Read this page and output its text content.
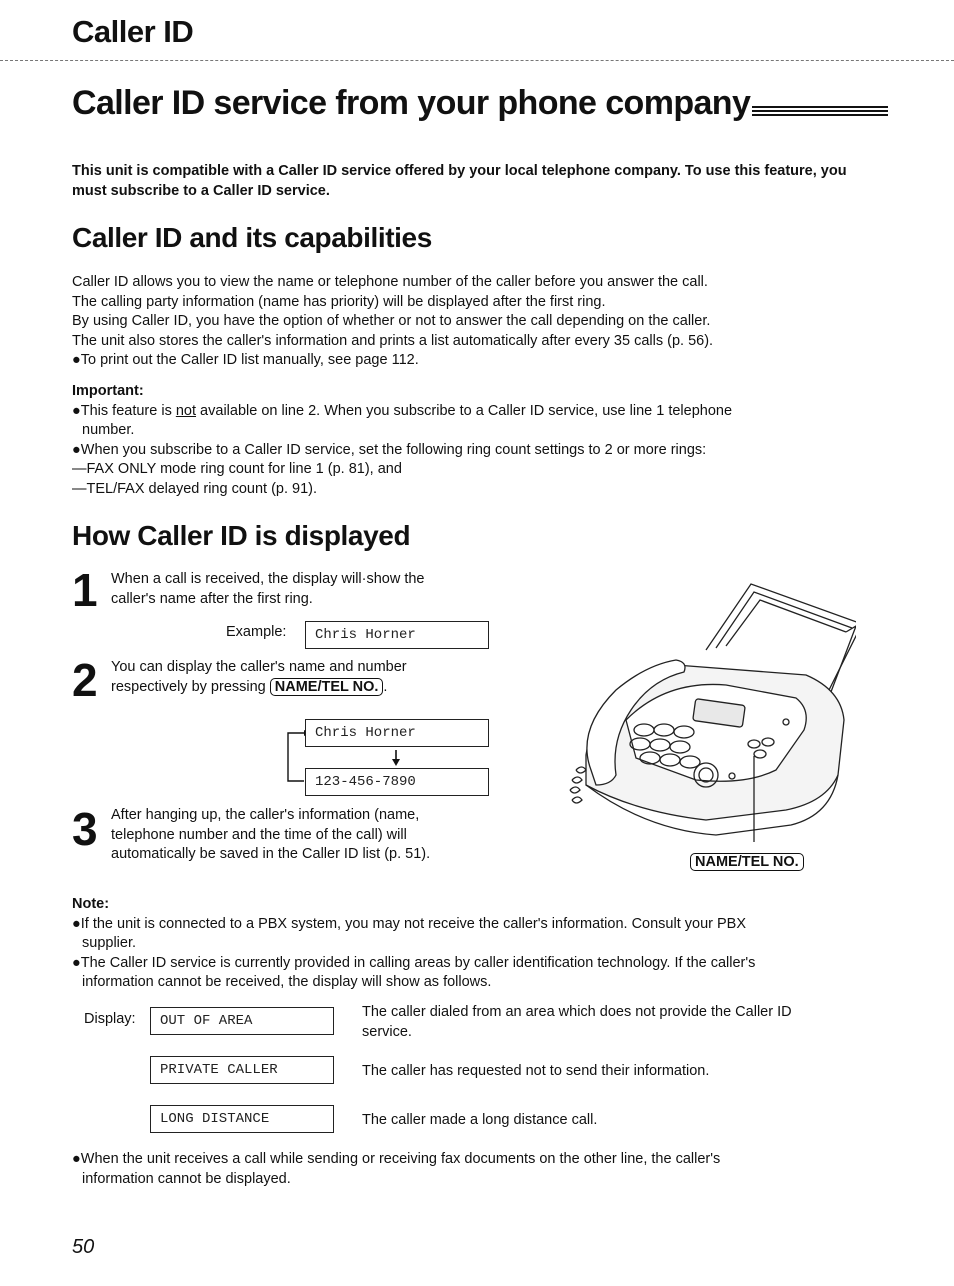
Caller ID
Caller ID service from your phone company
This unit is compatible with a Caller ID service offered by your local telephone company. To use this feature, you must subscribe to a Caller ID service.
Caller ID and its capabilities

Caller ID allows you to view the name or telephone number of the caller before you answer the call.

The calling party information (name has priority) will be displayed after the first ring.

By using Caller ID, you have the option of whether or not to answer the call depending on the caller.

The unit also stores the caller's information and prints a list automatically after every 35 calls (p. 56).

●To print out the Caller ID list manually, see page 112.

Important:

●This feature is not available on line 2. When you subscribe to a Caller ID service, use line 1 telephone

number.

●When you subscribe to a Caller ID service, set the following ring count settings to 2 or more rings:

—FAX ONLY mode ring count for line 1 (p. 81), and

—TEL/FAX delayed ring count (p. 91).

How Caller ID is displayed
1 When a call is received, the display will·show the

caller's name after the first ring.

Example:	Chris Horner
2 You can display the caller's name and number

respectively by pressing NAME/TEL NO. .

Chris Horner
123-456-7890
3 After hanging up, the caller's information (name,

telephone number and the time of the call) will

automatically be saved in the Caller ID list (p. 51).	NAME/TEL NO.

Note:

●If the unit is connected to a PBX system, you may not receive the caller's information. Consult your PBX

supplier.

●The Caller ID service is currently provided in calling areas by caller identification technology. If the caller's

information cannot be received, the display will show as follows.

Display:	OUT OF AREA

The caller dialed from an area which does not provide the Caller ID

service.

PRIVATE CALLER	The caller has requested not to send their information.
LONG DISTANCE	The caller made a long distance call.

●When the unit receives a call while sending or receiving fax documents on the other line, the caller's

information cannot be displayed.

50
